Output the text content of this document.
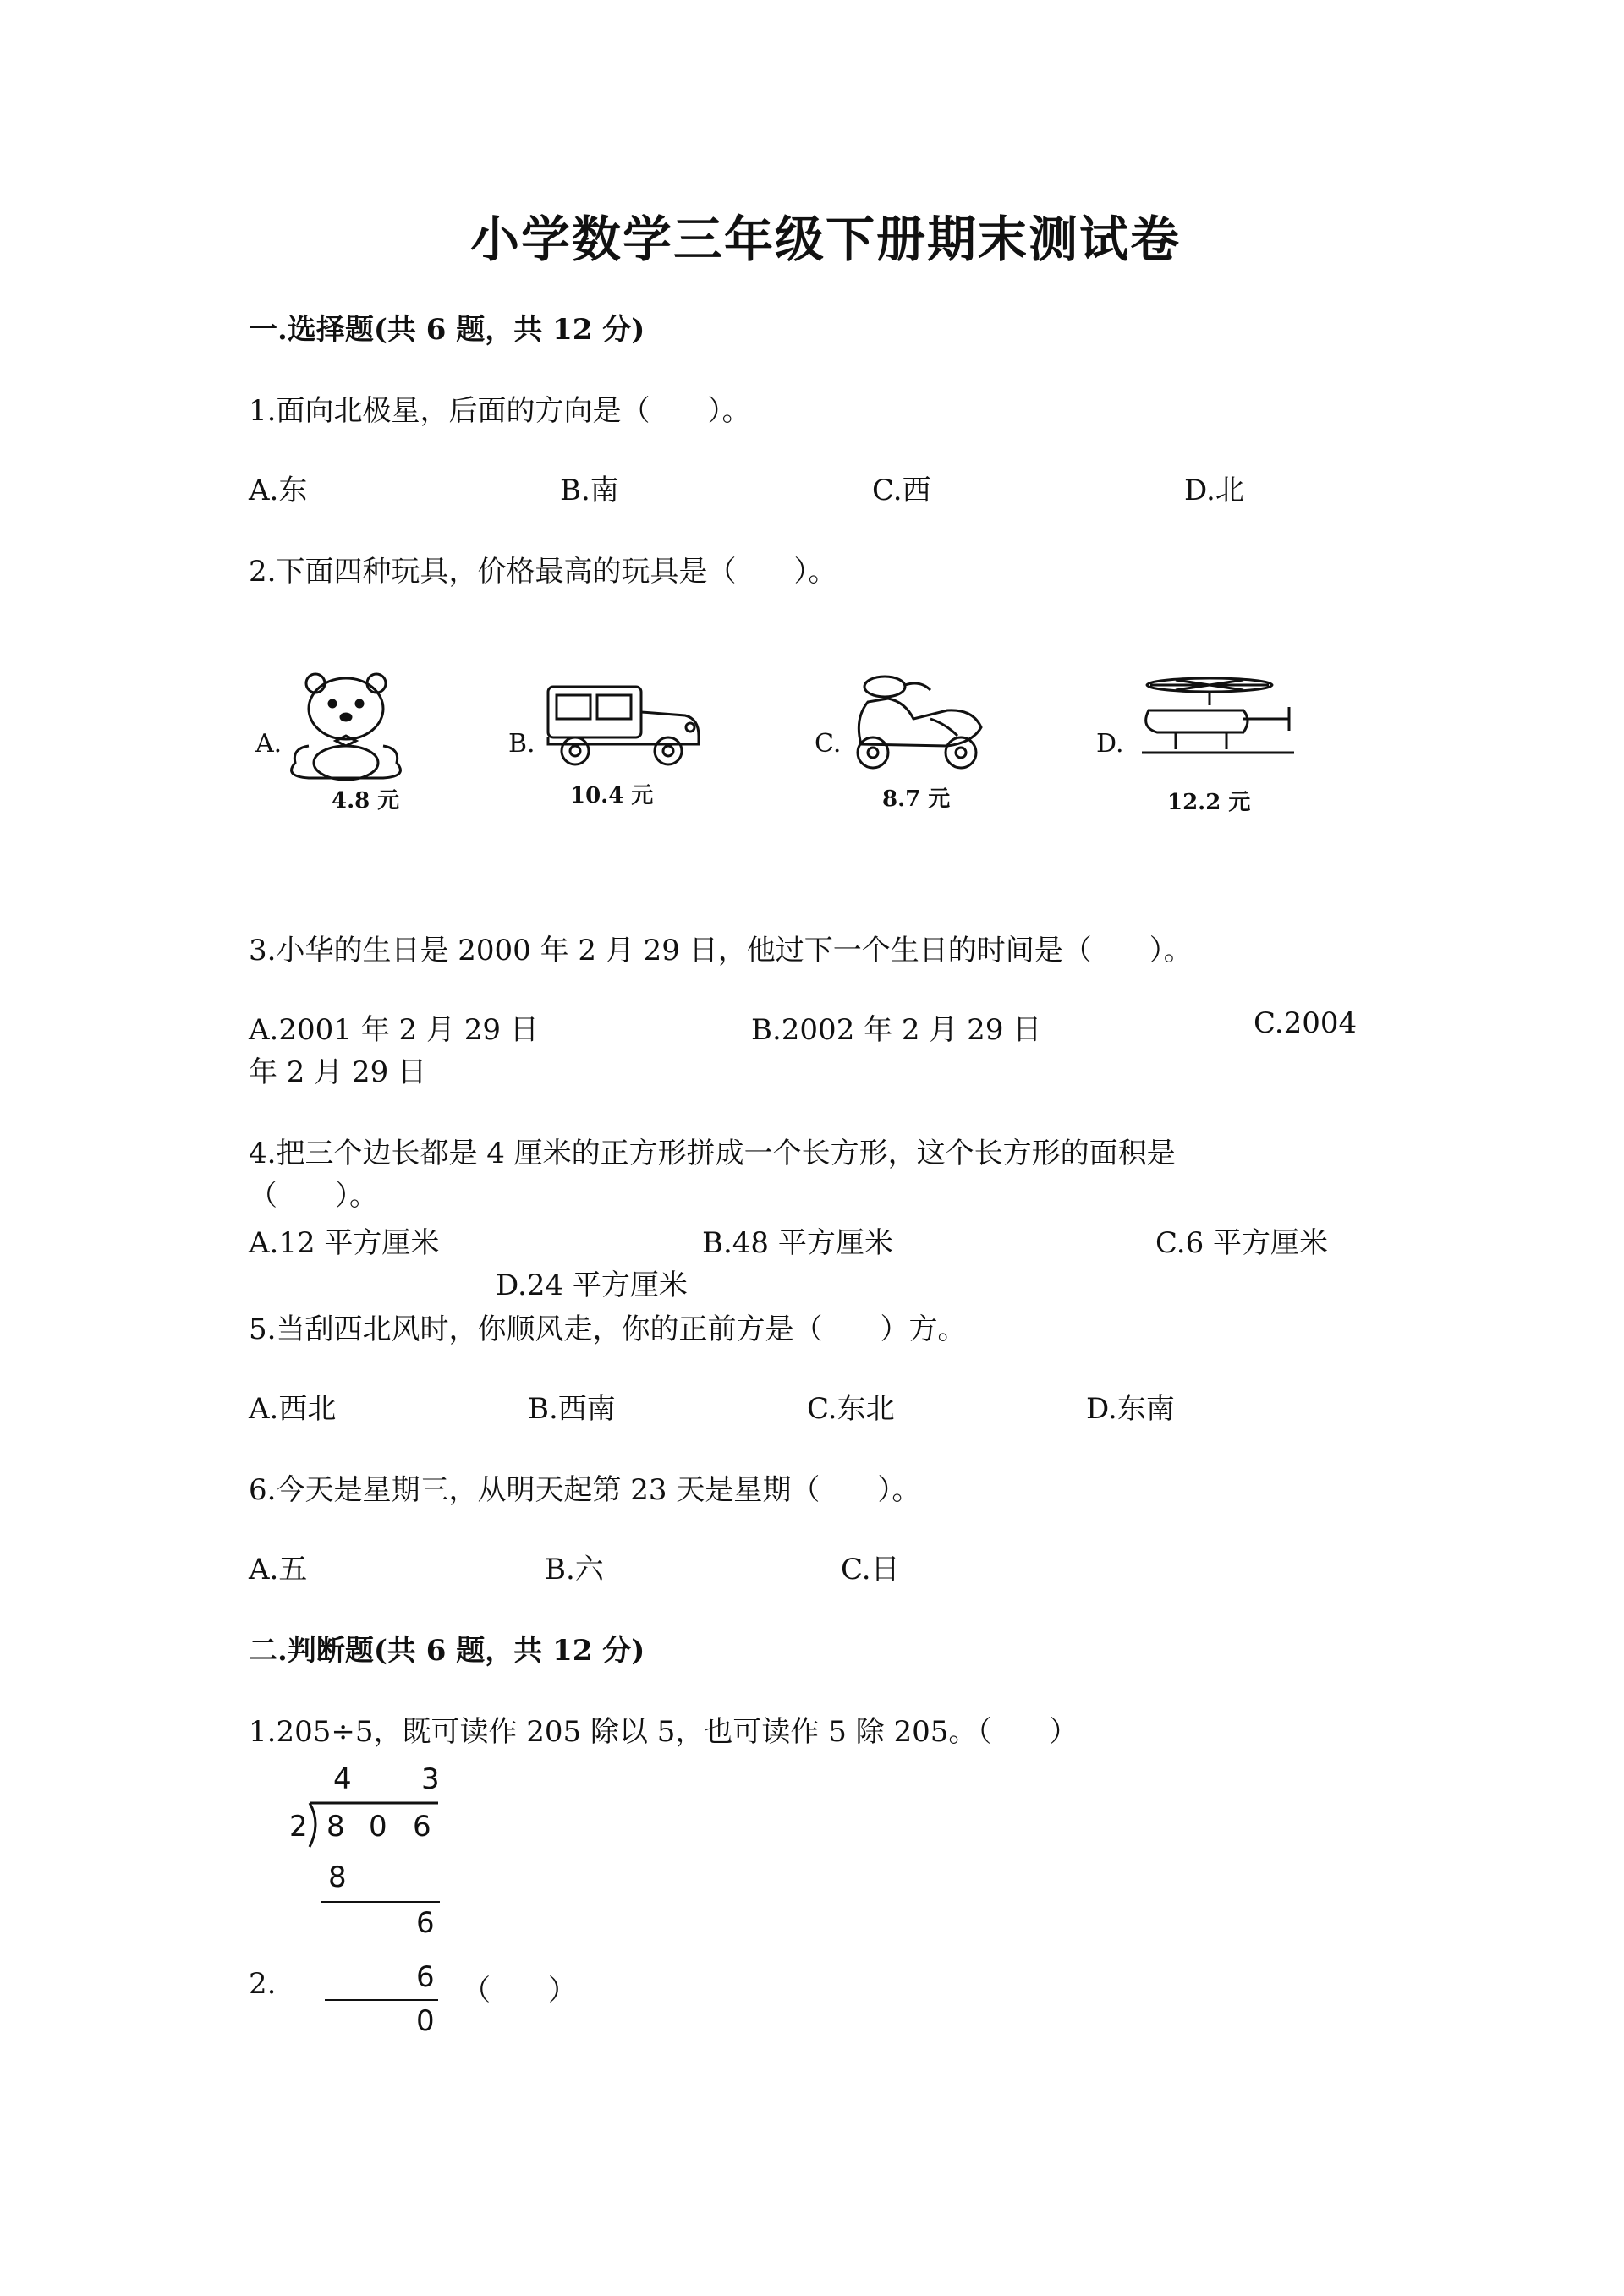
小学数学三年级下册期末测试卷
一.选择题(共 6 题，共 12 分)
1.面向北极星，后面的方向是（　　）。
A.东	B.南	C.西	D.北
2.下面四种玩具，价格最高的玩具是（　　）。
A.
4.8 元
B.
10.4 元
C.
8.7 元
D.
12.2 元
3.小华的生日是 2000 年 2 月 29 日，他过下一个生日的时间是（　　）。
A.2001 年 2 月 29 日	B.2002 年 2 月 29 日	C.2004
年 2 月 29 日
4.把三个边长都是 4 厘米的正方形拼成一个长方形，这个长方形的面积是
（　　）。
A.12 平方厘米	B.48 平方厘米	C.6 平方厘米
D.24 平方厘米
5.当刮西北风时，你顺风走，你的正前方是（　　）方。
A.西北	B.西南	C.东北	D.东南
6.今天是星期三，从明天起第 23 天是星期（　　）。
A.五	B.六	C.日
二.判断题(共 6 题，共 12 分)
1.205÷5，既可读作 205 除以 5，也可读作 5 除 205。（　　）
4 3
2 8 0 6
8
6
2.	6
0
（　　）
